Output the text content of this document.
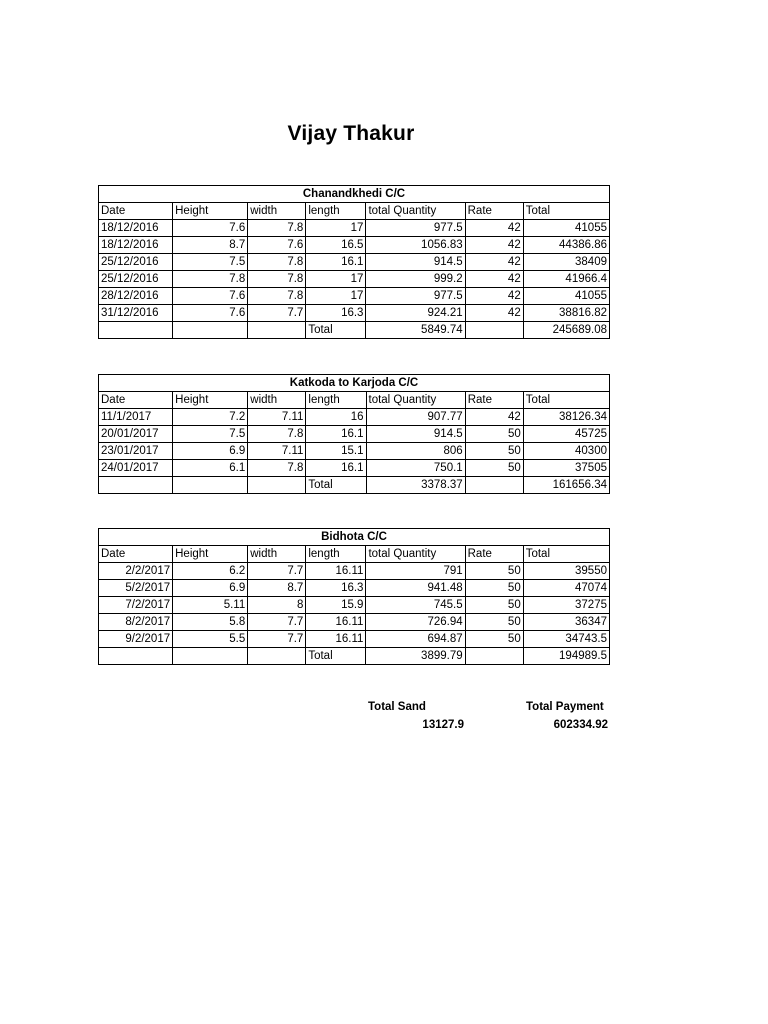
Vijay Thakur
Chanandkhedi C/C						
Date	Height	width	length	total Quantity	Rate	Total
18/12/2016	7.6	7.8	17	977.5	42	41055
18/12/2016	8.7	7.6	16.5	1056.83	42	44386.86
25/12/2016	7.5	7.8	16.1	914.5	42	38409
25/12/2016	7.8	7.8	17	999.2	42	41966.4
28/12/2016	7.6	7.8	17	977.5	42	41055
31/12/2016	7.6	7.7	16.3	924.21	42	38816.82
			Total	5849.74		245689.08
Katkoda to Karjoda C/C						
Date	Height	width	length	total Quantity	Rate	Total
11/1/2017	7.2	7.11	16	907.77	42	38126.34
20/01/2017	7.5	7.8	16.1	914.5	50	45725
23/01/2017	6.9	7.11	15.1	806	50	40300
24/01/2017	6.1	7.8	16.1	750.1	50	37505
			Total	3378.37		161656.34
Bidhota C/C						
Date	Height	width	length	total Quantity	Rate	Total
2/2/2017	6.2	7.7	16.11	791	50	39550
5/2/2017	6.9	8.7	16.3	941.48	50	47074
7/2/2017	5.11	8	15.9	745.5	50	37275
8/2/2017	5.8	7.7	16.11	726.94	50	36347
9/2/2017	5.5	7.7	16.11	694.87	50	34743.5
			Total	3899.79		194989.5
Total Sand
13127.9
Total Payment
602334.92
